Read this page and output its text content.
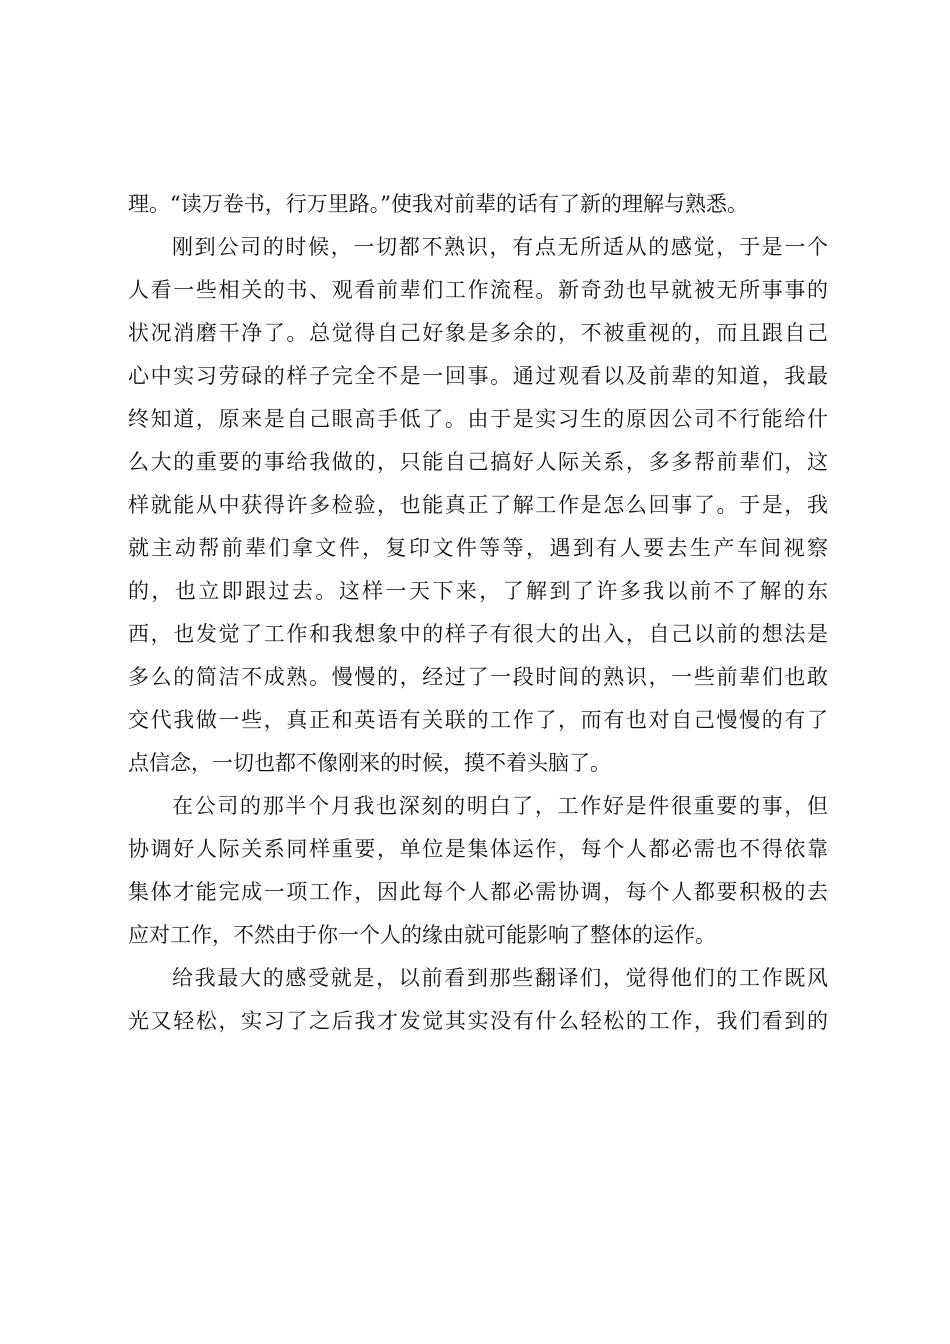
理。“读万卷书，行万里路。”使我对前辈的话有了新的理解与熟悉。
刚到公司的时候，一切都不熟识，有点无所适从的感觉，于是一个
人看一些相关的书、观看前辈们工作流程。新奇劲也早就被无所事事的
状况消磨干净了。总觉得自己好象是多余的，不被重视的，而且跟自己
心中实习劳碌的样子完全不是一回事。通过观看以及前辈的知道，我最
终知道，原来是自己眼高手低了。由于是实习生的原因公司不行能给什
么大的重要的事给我做的，只能自己搞好人际关系，多多帮前辈们，这
样就能从中获得许多检验，也能真正了解工作是怎么回事了。于是，我
就主动帮前辈们拿文件，复印文件等等，遇到有人要去生产车间视察
的，也立即跟过去。这样一天下来，了解到了许多我以前不了解的东
西，也发觉了工作和我想象中的样子有很大的出入，自己以前的想法是
多么的简洁不成熟。慢慢的，经过了一段时间的熟识，一些前辈们也敢
交代我做一些，真正和英语有关联的工作了，而有也对自己慢慢的有了
点信念，一切也都不像刚来的时候，摸不着头脑了。
在公司的那半个月我也深刻的明白了，工作好是件很重要的事，但
协调好人际关系同样重要，单位是集体运作，每个人都必需也不得依靠
集体才能完成一项工作，因此每个人都必需协调，每个人都要积极的去
应对工作，不然由于你一个人的缘由就可能影响了整体的运作。
给我最大的感受就是，以前看到那些翻译们，觉得他们的工作既风
光又轻松，实习了之后我才发觉其实没有什么轻松的工作，我们看到的
